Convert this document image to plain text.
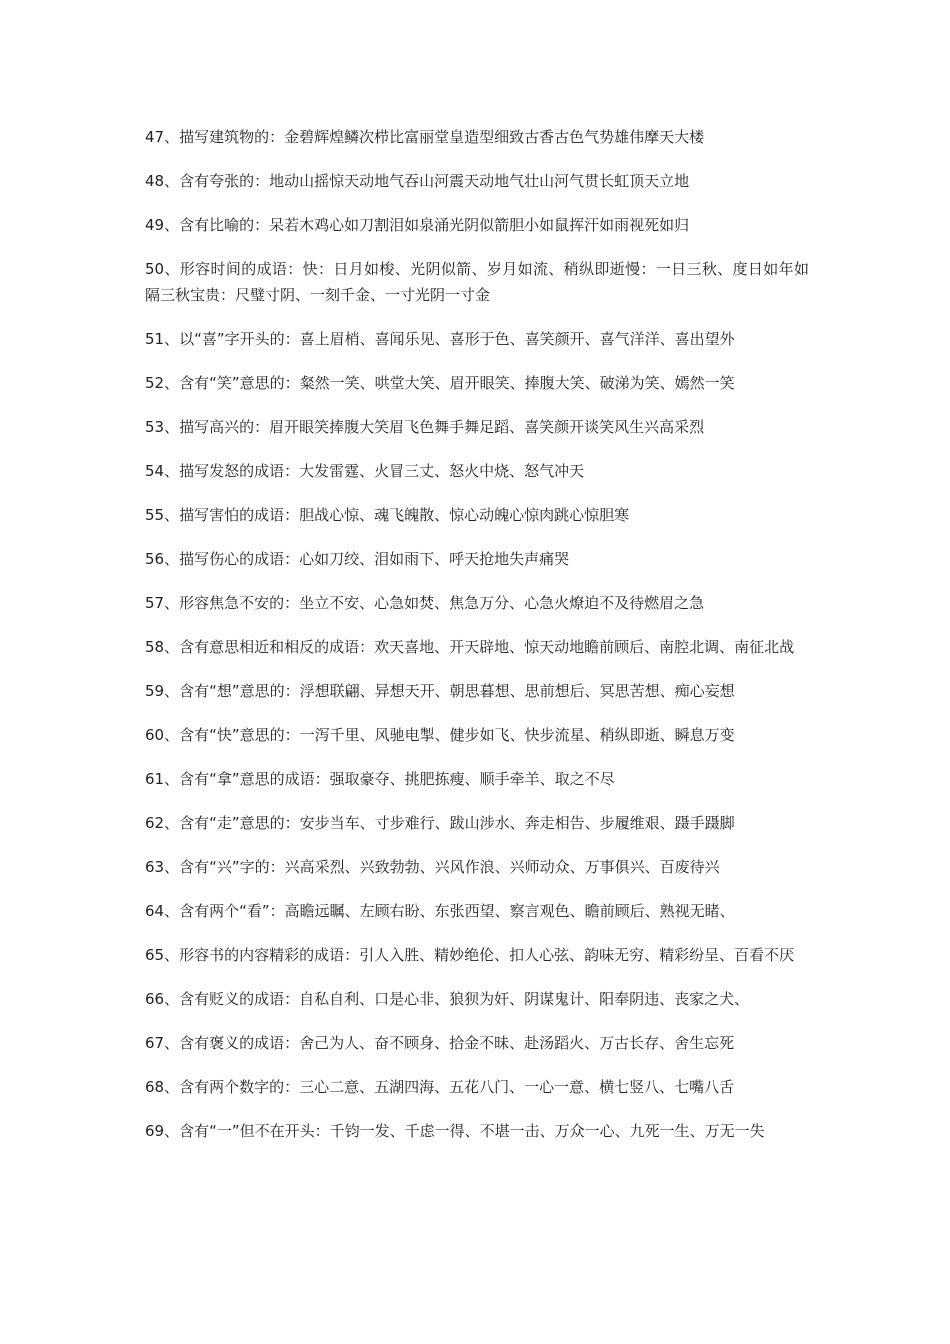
47、描写建筑物的：金碧辉煌鳞次栉比富丽堂皇造型细致古香古色气势雄伟摩天大楼

48、含有夸张的：地动山摇惊天动地气吞山河震天动地气壮山河气贯长虹顶天立地

49、含有比喻的：呆若木鸡心如刀割泪如泉涌光阴似箭胆小如鼠挥汗如雨视死如归

50、形容时间的成语：快：日月如梭、光阴似箭、岁月如流、稍纵即逝慢：一日三秋、度日如年如隔三秋宝贵：尺璧寸阴、一刻千金、一寸光阴一寸金

51、以“喜”字开头的：喜上眉梢、喜闻乐见、喜形于色、喜笑颜开、喜气洋洋、喜出望外

52、含有“笑”意思的：粲然一笑、哄堂大笑、眉开眼笑、捧腹大笑、破涕为笑、嫣然一笑

53、描写高兴的：眉开眼笑捧腹大笑眉飞色舞手舞足蹈、喜笑颜开谈笑风生兴高采烈

54、描写发怒的成语：大发雷霆、火冒三丈、怒火中烧、怒气冲天

55、描写害怕的成语：胆战心惊、魂飞魄散、惊心动魄心惊肉跳心惊胆寒

56、描写伤心的成语：心如刀绞、泪如雨下、呼天抢地失声痛哭

57、形容焦急不安的：坐立不安、心急如焚、焦急万分、心急火燎迫不及待燃眉之急

58、含有意思相近和相反的成语：欢天喜地、开天辟地、惊天动地瞻前顾后、南腔北调、南征北战

59、含有“想”意思的：浮想联翩、异想天开、朝思暮想、思前想后、冥思苦想、痴心妄想

60、含有“快”意思的：一泻千里、风驰电掣、健步如飞、快步流星、稍纵即逝、瞬息万变

61、含有“拿”意思的成语：强取豪夺、挑肥拣瘦、顺手牵羊、取之不尽

62、含有“走”意思的：安步当车、寸步难行、跋山涉水、奔走相告、步履维艰、蹑手蹑脚

63、含有“兴”字的：兴高采烈、兴致勃勃、兴风作浪、兴师动众、万事俱兴、百废待兴

64、含有两个“看”：高瞻远瞩、左顾右盼、东张西望、察言观色、瞻前顾后、熟视无睹、

65、形容书的内容精彩的成语：引人入胜、精妙绝伦、扣人心弦、韵味无穷、精彩纷呈、百看不厌

66、含有贬义的成语：自私自利、口是心非、狼狈为奸、阴谋鬼计、阳奉阴违、丧家之犬、

67、含有褒义的成语：舍己为人、奋不顾身、拾金不昧、赴汤蹈火、万古长存、舍生忘死

68、含有两个数字的：三心二意、五湖四海、五花八门、一心一意、横七竖八、七嘴八舌

69、含有“一”但不在开头：千钧一发、千虑一得、不堪一击、万众一心、九死一生、万无一失
